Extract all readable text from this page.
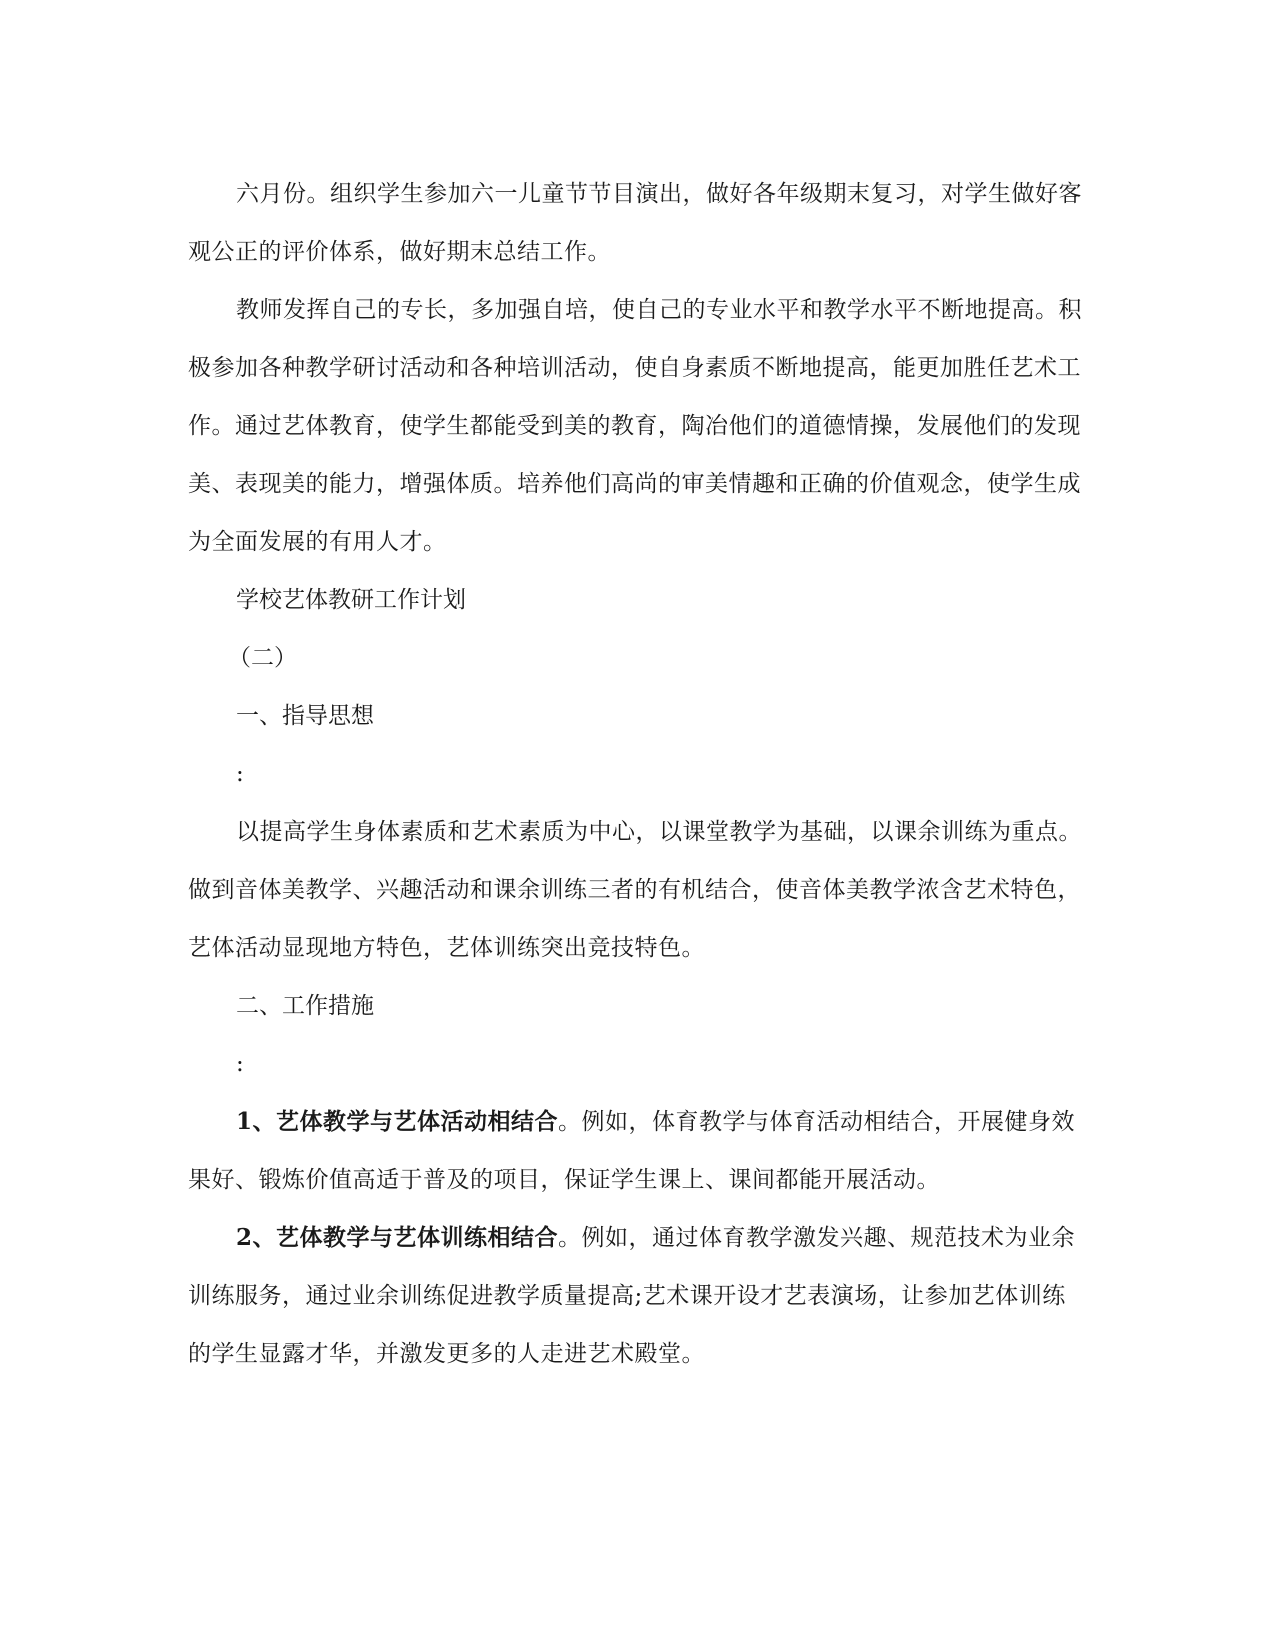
六月份。组织学生参加六一儿童节节目演出，做好各年级期末复习，对学生做好客观公正的评价体系，做好期末总结工作。

教师发挥自己的专长，多加强自培，使自己的专业水平和教学水平不断地提高。积极参加各种教学研讨活动和各种培训活动，使自身素质不断地提高，能更加胜任艺术工作。通过艺体教育，使学生都能受到美的教育，陶冶他们的道德情操，发展他们的发现美、表现美的能力，增强体质。培养他们高尚的审美情趣和正确的价值观念，使学生成为全面发展的有用人才。

学校艺体教研工作计划

（二）

一、指导思想

:

以提高学生身体素质和艺术素质为中心，以课堂教学为基础，以课余训练为重点。做到音体美教学、兴趣活动和课余训练三者的有机结合，使音体美教学浓含艺术特色，艺体活动显现地方特色，艺体训练突出竞技特色。

二、工作措施

:

1、艺体教学与艺体活动相结合。例如，体育教学与体育活动相结合，开展健身效果好、锻炼价值高适于普及的项目，保证学生课上、课间都能开展活动。

2、艺体教学与艺体训练相结合。例如，通过体育教学激发兴趣、规范技术为业余训练服务，通过业余训练促进教学质量提高;艺术课开设才艺表演场，让参加艺体训练的学生显露才华，并激发更多的人走进艺术殿堂。
